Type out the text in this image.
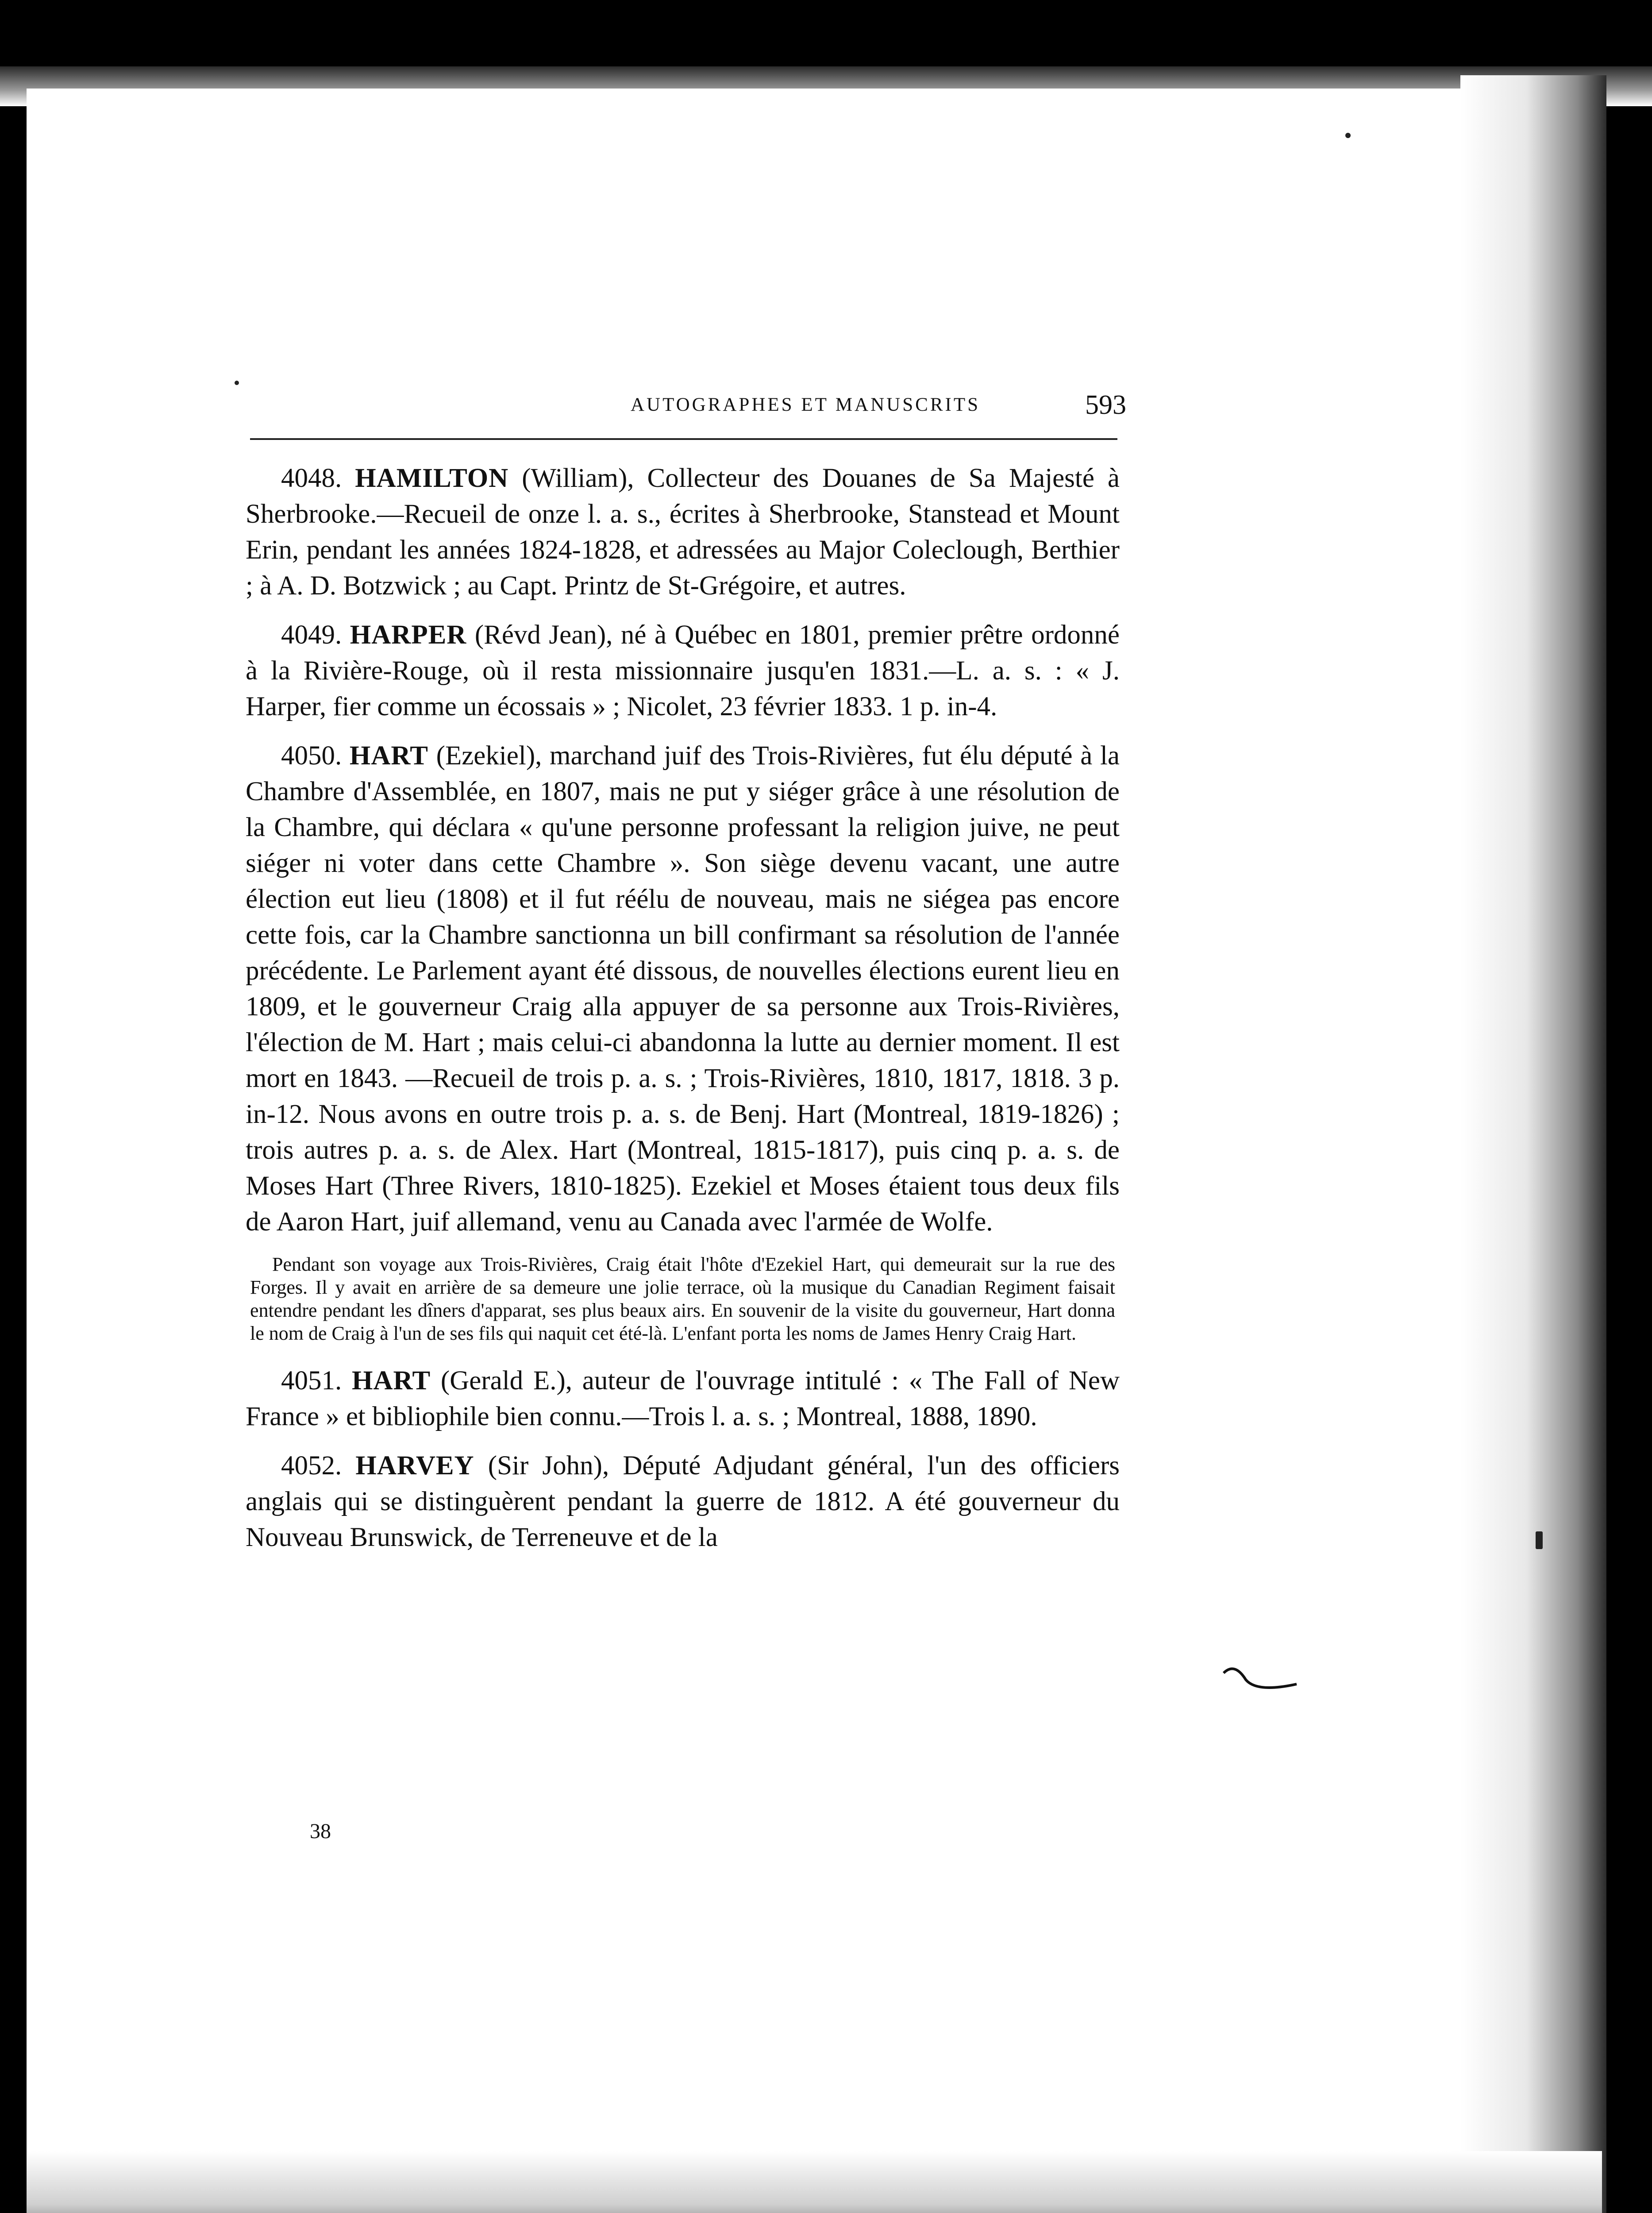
AUTOGRAPHES ET MANUSCRITS	593

4048. HAMILTON (William), Collecteur des Douanes de Sa Majesté à Sherbrooke.—Recueil de onze l. a. s., écrites à Sherbrooke, Stanstead et Mount Erin, pendant les années 1824-1828, et adressées au Major Coleclough, Berthier ; à A. D. Botzwick ; au Capt. Printz de St-Grégoire, et autres.

4049. HARPER (Révd Jean), né à Québec en 1801, premier prêtre ordonné à la Rivière-Rouge, où il resta missionnaire jusqu'en 1831.—L. a. s. : « J. Harper, fier comme un écossais » ; Nicolet, 23 février 1833. 1 p. in-4.

4050. HART (Ezekiel), marchand juif des Trois-Rivières, fut élu député à la Chambre d'Assemblée, en 1807, mais ne put y siéger grâce à une résolution de la Chambre, qui déclara « qu'une personne professant la religion juive, ne peut siéger ni voter dans cette Chambre ». Son siège devenu vacant, une autre élection eut lieu (1808) et il fut réélu de nouveau, mais ne siégea pas encore cette fois, car la Chambre sanctionna un bill confirmant sa résolution de l'année précédente. Le Parlement ayant été dissous, de nouvelles élections eurent lieu en 1809, et le gouverneur Craig alla appuyer de sa personne aux Trois-Rivières, l'élection de M. Hart ; mais celui-ci abandonna la lutte au dernier moment. Il est mort en 1843. —Recueil de trois p. a. s. ; Trois-Rivières, 1810, 1817, 1818. 3 p. in-12. Nous avons en outre trois p. a. s. de Benj. Hart (Montreal, 1819-1826) ; trois autres p. a. s. de Alex. Hart (Montreal, 1815-1817), puis cinq p. a. s. de Moses Hart (Three Rivers, 1810-1825). Ezekiel et Moses étaient tous deux fils de Aaron Hart, juif allemand, venu au Canada avec l'armée de Wolfe.

Pendant son voyage aux Trois-Rivières, Craig était l'hôte d'Ezekiel Hart, qui demeurait sur la rue des Forges. Il y avait en arrière de sa demeure une jolie terrace, où la musique du Canadian Regiment faisait entendre pendant les dîners d'apparat, ses plus beaux airs. En souvenir de la visite du gouverneur, Hart donna le nom de Craig à l'un de ses fils qui naquit cet été-là. L'enfant porta les noms de James Henry Craig Hart.

4051. HART (Gerald E.), auteur de l'ouvrage intitulé : « The Fall of New France » et bibliophile bien connu.—Trois l. a. s. ; Montreal, 1888, 1890.

4052. HARVEY (Sir John), Député Adjudant général, l'un des officiers anglais qui se distinguèrent pendant la guerre de 1812. A été gouverneur du Nouveau Brunswick, de Terreneuve et de la

38
